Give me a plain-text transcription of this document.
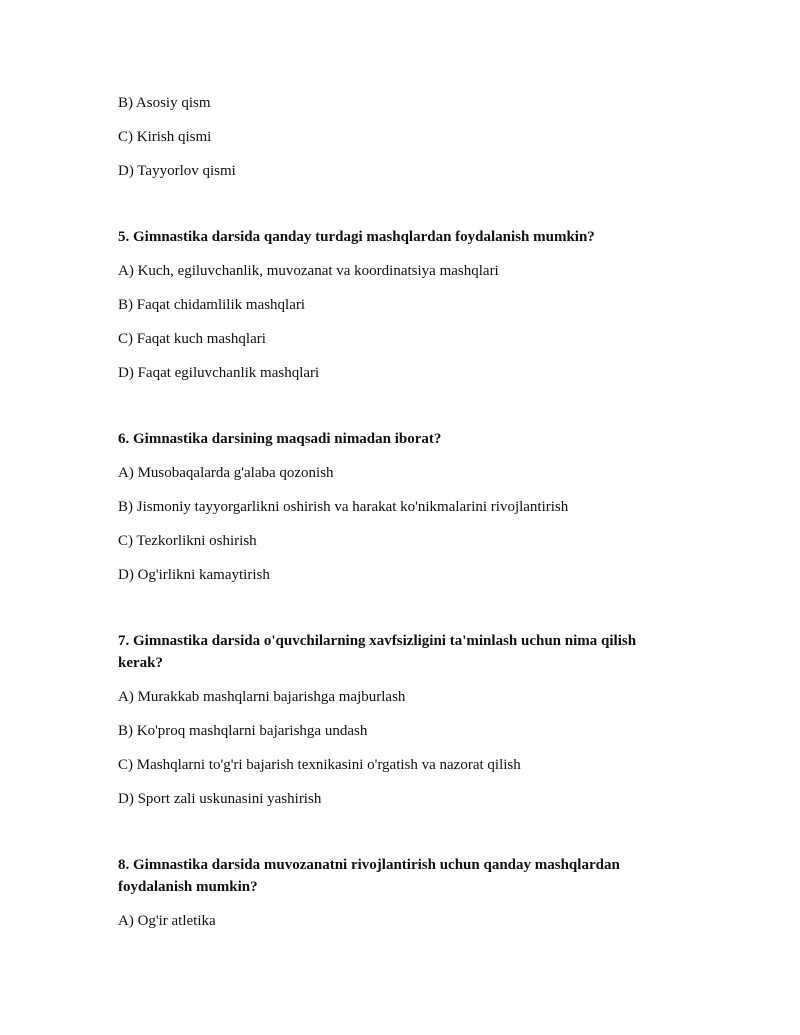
B) Asosiy qism
C) Kirish qismi
D) Tayyorlov qismi
5. Gimnastika darsida qanday turdagi mashqlardan foydalanish mumkin?
A) Kuch, egiluvchanlik, muvozanat va koordinatsiya mashqlari
B) Faqat chidamlilik mashqlari
C) Faqat kuch mashqlari
D) Faqat egiluvchanlik mashqlari
6. Gimnastika darsining maqsadi nimadan iborat?
A) Musobaqalarda g'alaba qozonish
B) Jismoniy tayyorgarlikni oshirish va harakat ko'nikmalarini rivojlantirish
C) Tezkorlikni oshirish
D) Og'irlikni kamaytirish
7. Gimnastika darsida o'quvchilarning xavfsizligini ta'minlash uchun nima qilish kerak?
A) Murakkab mashqlarni bajarishga majburlash
B) Ko'proq mashqlarni bajarishga undash
C) Mashqlarni to'g'ri bajarish texnikasini o'rgatish va nazorat qilish
D) Sport zali uskunasini yashirish
8. Gimnastika darsida muvozanatni rivojlantirish uchun qanday mashqlardan foydalanish mumkin?
A) Og'ir atletika
